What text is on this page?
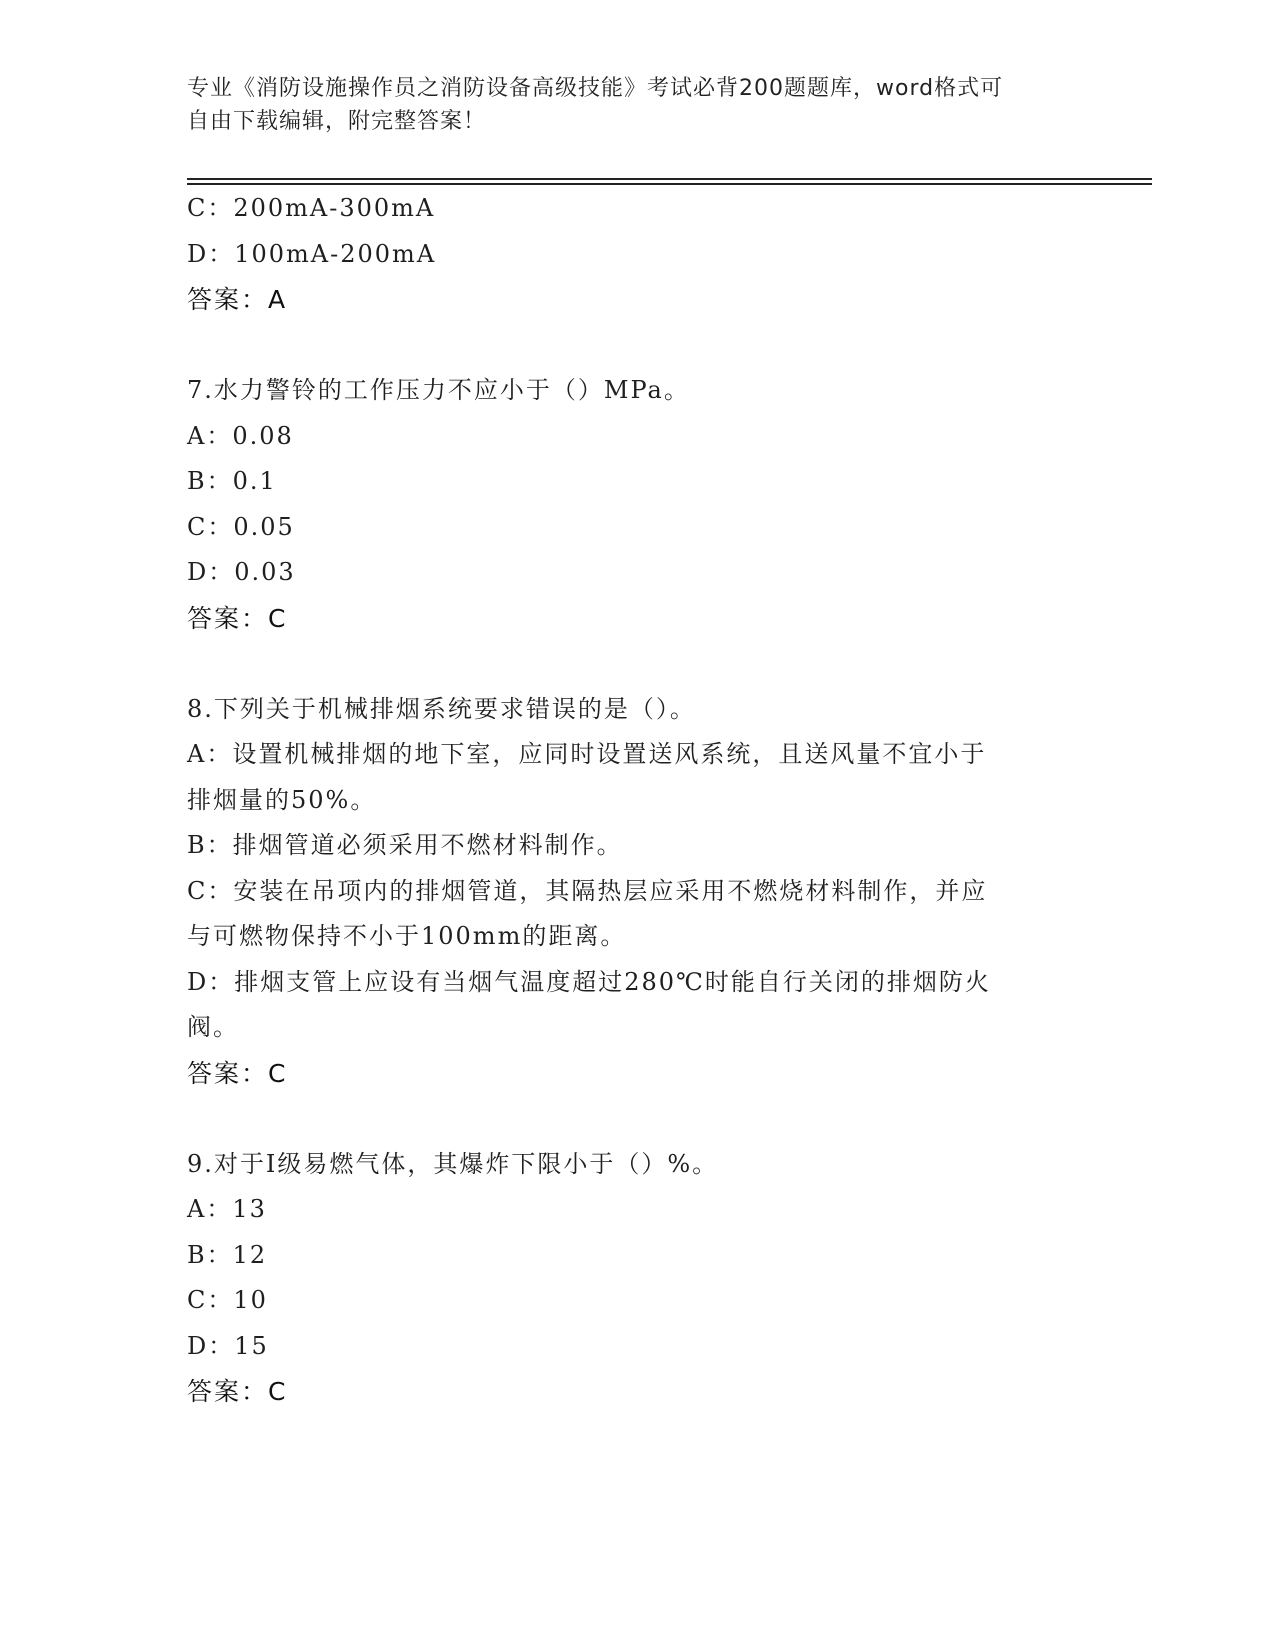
专业《消防设施操作员之消防设备高级技能》考试必背200题题库，word格式可
自由下载编辑，附完整答案！
C：200mA-300mA
D：100mA-200mA
答案：A
7.水力警铃的工作压力不应小于（）MPa。
A：0.08
B：0.1
C：0.05
D：0.03
答案：C
8.下列关于机械排烟系统要求错误的是（）。
A：设置机械排烟的地下室，应同时设置送风系统，且送风量不宜小于
排烟量的50%。
B：排烟管道必须采用不燃材料制作。
C：安装在吊项内的排烟管道，其隔热层应采用不燃烧材料制作，并应
与可燃物保持不小于100mm的距离。
D：排烟支管上应设有当烟气温度超过280℃时能自行关闭的排烟防火
阀。
答案：C
9.对于Ⅰ级易燃气体，其爆炸下限小于（）%。
A：13
B：12
C：10
D：15
答案：C
